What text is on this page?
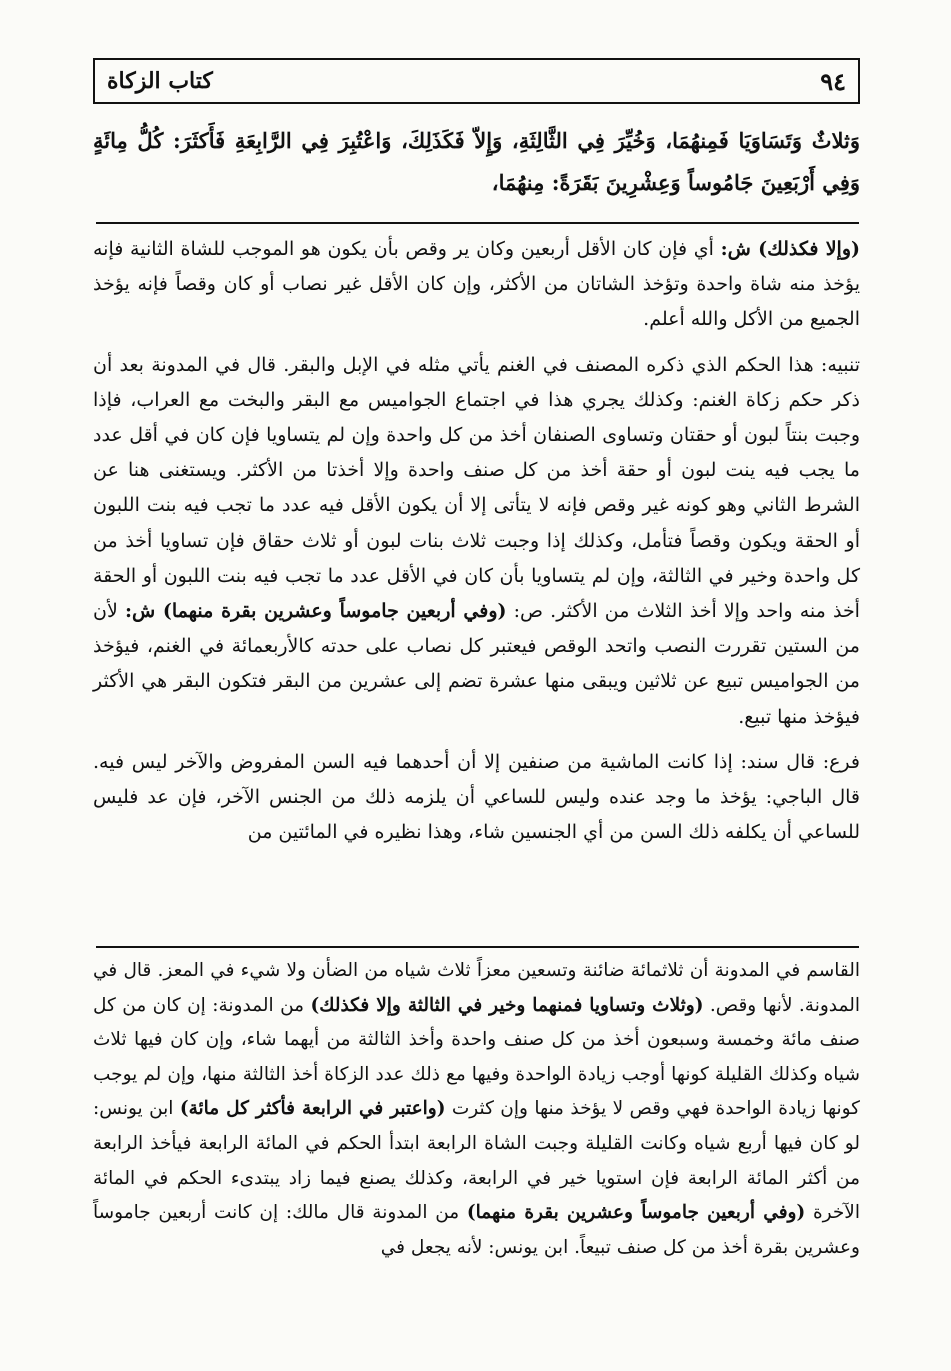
٩٤
كتاب الزكاة
وَثلاثٌ وَتَسَاوَيَا فَمِنهُمَا، وَخُيِّرَ فِي الثَّالِثَةِ، وَإِلاّ فَكَذَلِكَ، وَاعْتُبِرَ فِي الرَّابِعَةِ فَأَكثَرَ: كُلُّ مِائَةٍ وَفِي أَرْبَعِينَ جَامُوساً وَعِشْرِينَ بَقَرَةً: مِنهُمَا،

(وإلا فكذلك) ش: أي فإن كان الأقل أربعين وكان ير وقص بأن يكون هو الموجب للشاة الثانية فإنه يؤخذ منه شاة واحدة وتؤخذ الشاتان من الأكثر، وإن كان الأقل غير نصاب أو كان وقصاً فإنه يؤخذ الجميع من الأكل والله أعلم.

تنبيه: هذا الحكم الذي ذكره المصنف في الغنم يأتي مثله في الإبل والبقر. قال في المدونة بعد أن ذكر حكم زكاة الغنم: وكذلك يجري هذا في اجتماع الجواميس مع البقر والبخت مع العراب، فإذا وجبت بنتاً لبون أو حقتان وتساوى الصنفان أخذ من كل واحدة وإن لم يتساويا فإن كان في أقل عدد ما يجب فيه ينت لبون أو حقة أخذ من كل صنف واحدة وإلا أخذتا من الأكثر. ويستغنى هنا عن الشرط الثاني وهو كونه غير وقص فإنه لا يتأتى إلا أن يكون الأقل فيه عدد ما تجب فيه بنت اللبون أو الحقة ويكون وقصاً فتأمل، وكذلك إذا وجبت ثلاث بنات لبون أو ثلاث حقاق فإن تساويا أخذ من كل واحدة وخير في الثالثة، وإن لم يتساويا بأن كان في الأقل عدد ما تجب فيه بنت اللبون أو الحقة أخذ منه واحد وإلا أخذ الثلاث من الأكثر. ص: (وفي أربعين جاموساً وعشرين بقرة منهما) ش: لأن من الستين تقررت النصب واتحد الوقص فيعتبر كل نصاب على حدته كالأربعمائة في الغنم، فيؤخذ من الجواميس تبيع عن ثلاثين ويبقى منها عشرة تضم إلى عشرين من البقر فتكون البقر هي الأكثر فيؤخذ منها تبيع.

فرع: قال سند: إذا كانت الماشية من صنفين إلا أن أحدهما فيه السن المفروض والآخر ليس فيه. قال الباجي: يؤخذ ما وجد عنده وليس للساعي أن يلزمه ذلك من الجنس الآخر، فإن عد فليس للساعي أن يكلفه ذلك السن من أي الجنسين شاء، وهذا نظيره في المائتين من

القاسم في المدونة أن ثلاثمائة ضائنة وتسعين معزاً ثلاث شياه من الضأن ولا شيء في المعز. قال في المدونة. لأنها وقص. (وثلاث وتساويا فمنهما وخير في الثالثة وإلا فكذلك) من المدونة: إن كان من كل صنف مائة وخمسة وسبعون أخذ من كل صنف واحدة وأخذ الثالثة من أيهما شاء، وإن كان فيها ثلاث شياه وكذلك القليلة كونها أوجب زيادة الواحدة وفيها مع ذلك عدد الزكاة أخذ الثالثة منها، وإن لم يوجب كونها زيادة الواحدة فهي وقص لا يؤخذ منها وإن كثرت (واعتبر في الرابعة فأكثر كل مائة) ابن يونس: لو كان فيها أربع شياه وكانت القليلة وجبت الشاة الرابعة ابتدأ الحكم في المائة الرابعة فيأخذ الرابعة من أكثر المائة الرابعة فإن استويا خير في الرابعة، وكذلك يصنع فيما زاد يبتدىء الحكم في المائة الآخرة (وفي أربعين جاموساً وعشرين بقرة منهما) من المدونة قال مالك: إن كانت أربعين جاموساً وعشرين بقرة أخذ من كل صنف تبيعاً. ابن يونس: لأنه يجعل في
